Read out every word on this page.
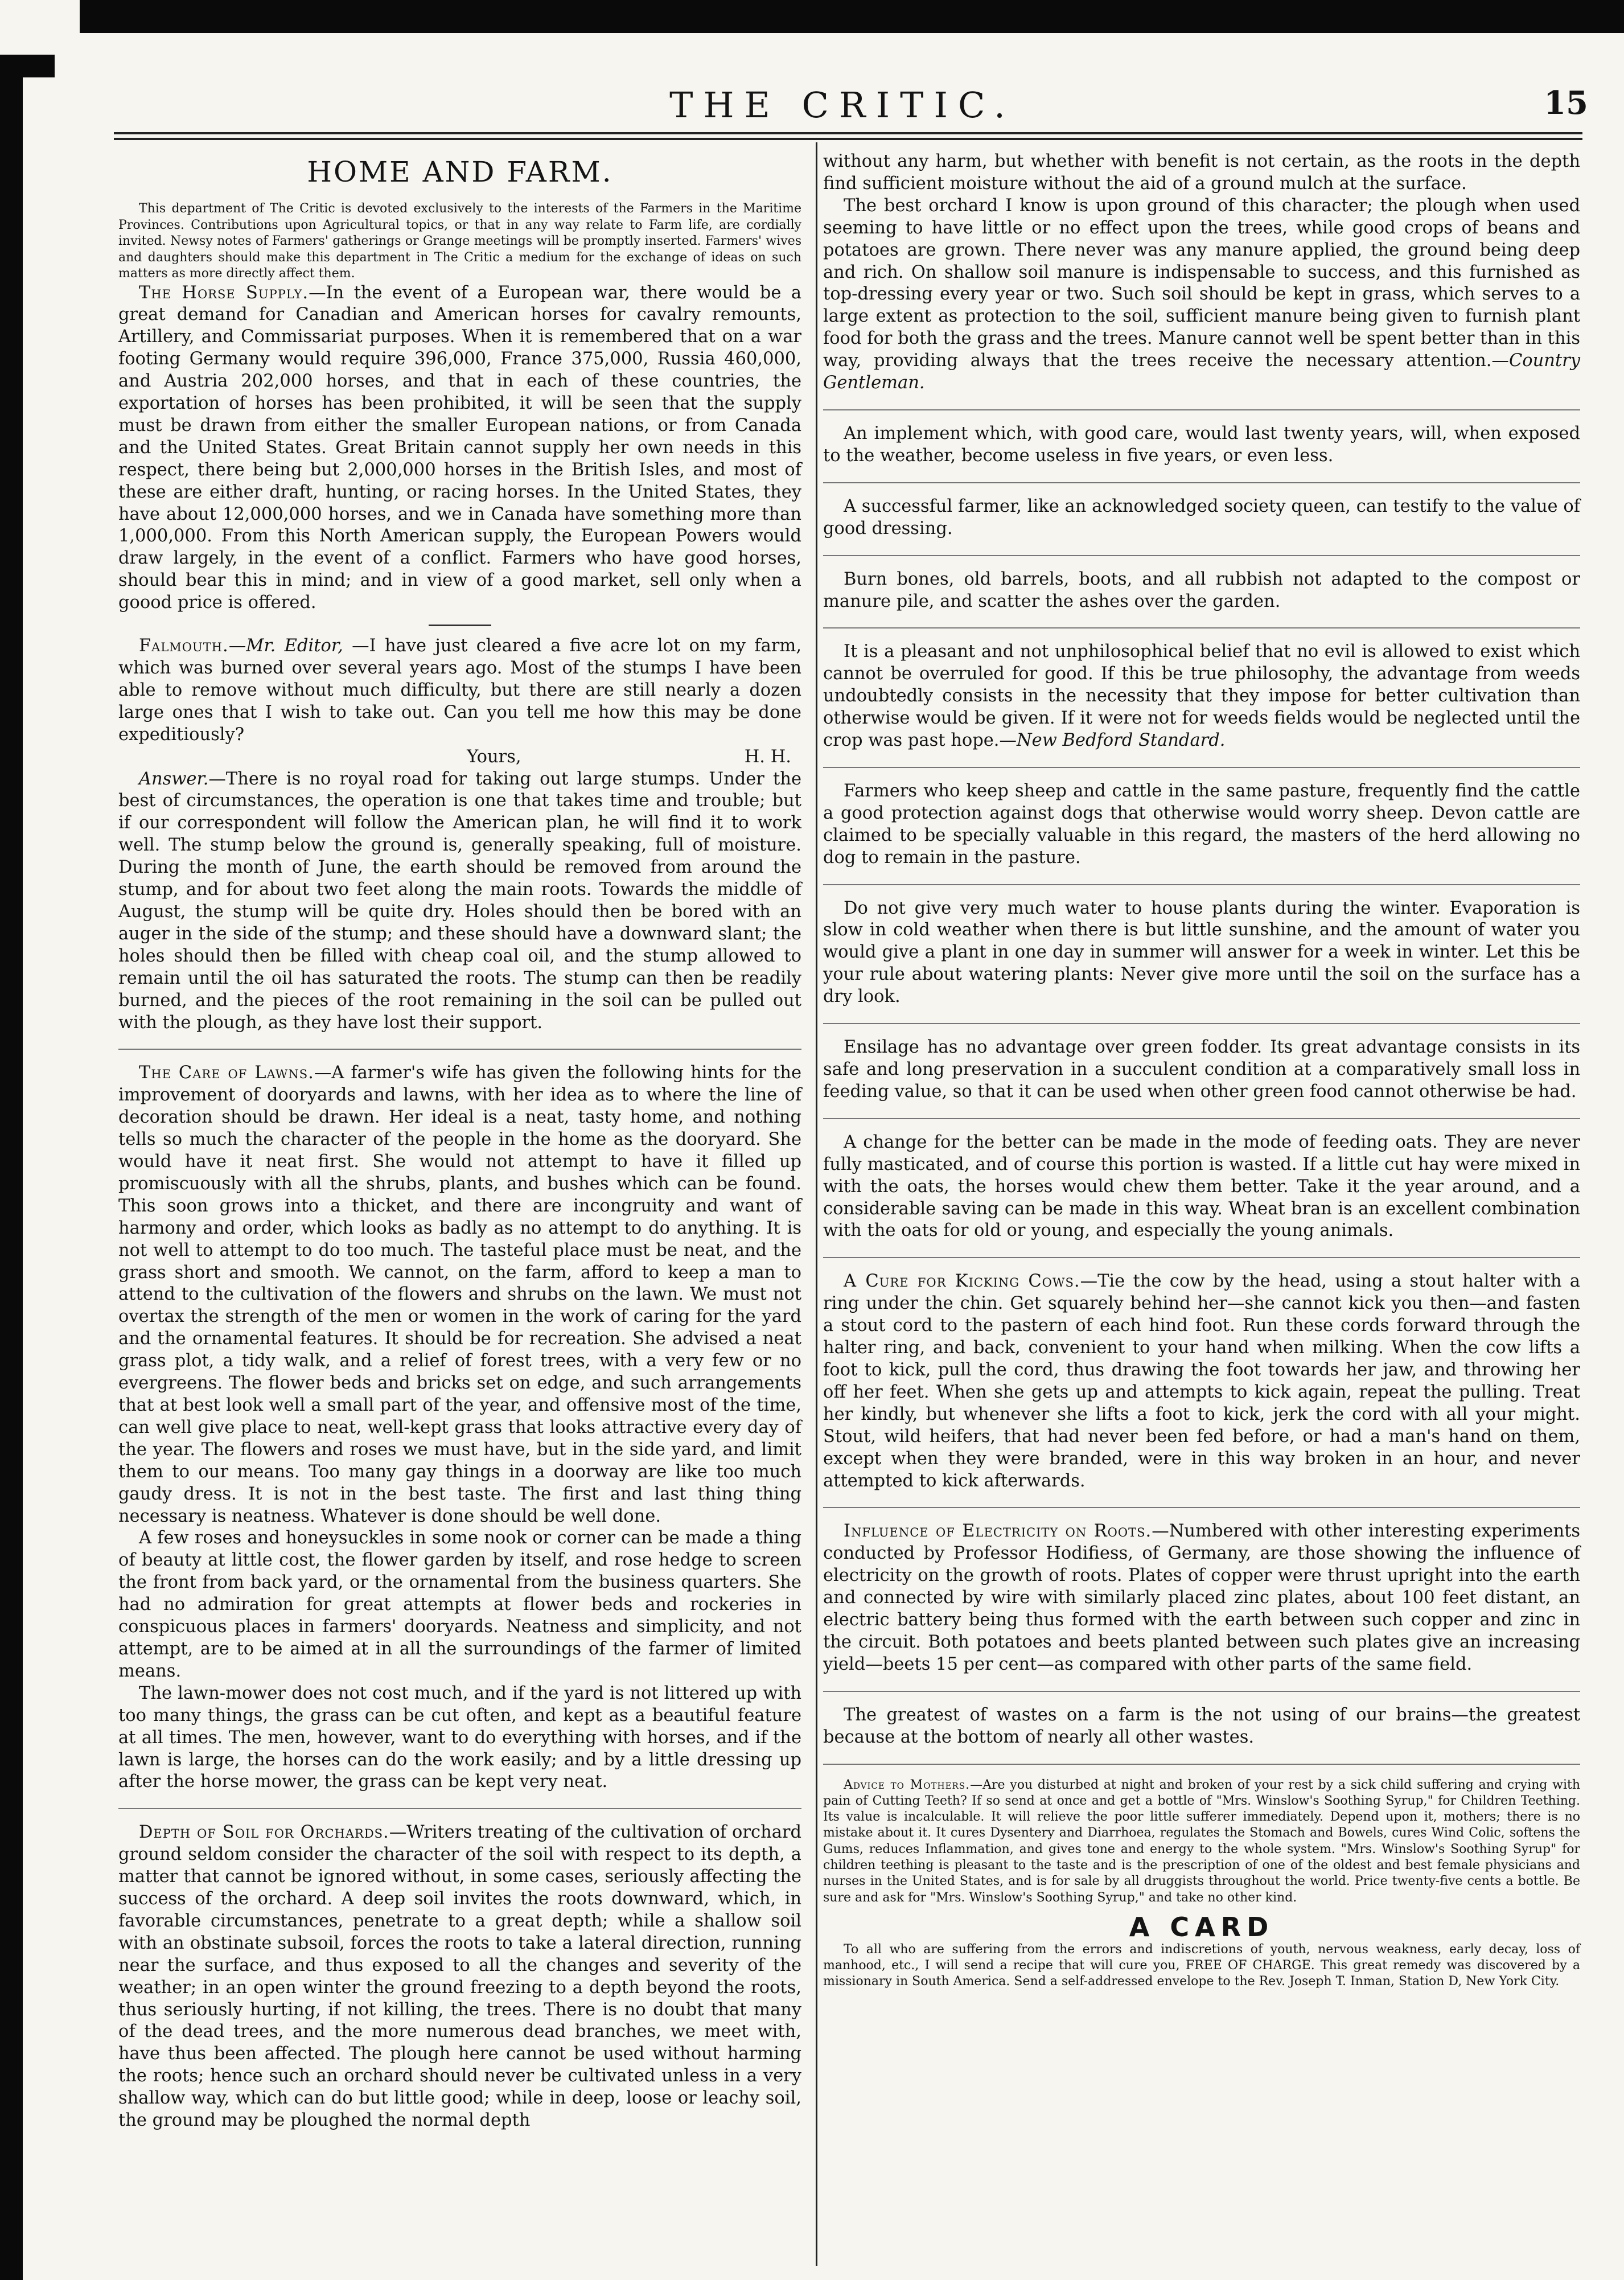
THE CRITIC.	15
HOME AND FARM.

This department of The Critic is devoted exclusively to the interests of the Farmers in the Maritime Provinces. Contributions upon Agricultural topics, or that in any way relate to Farm life, are cordially invited. Newsy notes of Farmers' gatherings or Grange meetings will be promptly inserted. Farmers' wives and daughters should make this department in The Critic a medium for the exchange of ideas on such matters as more directly affect them.

The Horse Supply.—In the event of a European war, there would be a great demand for Canadian and American horses for cavalry remounts, Artillery, and Commissariat purposes. When it is remembered that on a war footing Germany would require 396,000, France 375,000, Russia 460,000, and Austria 202,000 horses, and that in each of these countries, the exportation of horses has been prohibited, it will be seen that the supply must be drawn from either the smaller European nations, or from Canada and the United States. Great Britain cannot supply her own needs in this respect, there being but 2,000,000 horses in the British Isles, and most of these are either draft, hunting, or racing horses. In the United States, they have about 12,000,000 horses, and we in Canada have something more than 1,000,000. From this North American supply, the European Powers would draw largely, in the event of a conflict. Farmers who have good horses, should bear this in mind; and in view of a good market, sell only when a goood price is offered.

Falmouth.—Mr. Editor, —I have just cleared a five acre lot on my farm, which was burned over several years ago. Most of the stumps I have been able to remove without much difficulty, but there are still nearly a dozen large ones that I wish to take out. Can you tell me how this may be done expeditiously?

Yours,	H. H.

Answer.—There is no royal road for taking out large stumps. Under the best of circumstances, the operation is one that takes time and trouble; but if our correspondent will follow the American plan, he will find it to work well. The stump below the ground is, generally speaking, full of moisture. During the month of June, the earth should be removed from around the stump, and for about two feet along the main roots. Towards the middle of August, the stump will be quite dry. Holes should then be bored with an auger in the side of the stump; and these should have a downward slant; the holes should then be filled with cheap coal oil, and the stump allowed to remain until the oil has saturated the roots. The stump can then be readily burned, and the pieces of the root remaining in the soil can be pulled out with the plough, as they have lost their support.

The Care of Lawns.—A farmer's wife has given the following hints for the improvement of dooryards and lawns, with her idea as to where the line of decoration should be drawn. Her ideal is a neat, tasty home, and nothing tells so much the character of the people in the home as the dooryard. She would have it neat first. She would not attempt to have it filled up promiscuously with all the shrubs, plants, and bushes which can be found. This soon grows into a thicket, and there are incongruity and want of harmony and order, which looks as badly as no attempt to do anything. It is not well to attempt to do too much. The tasteful place must be neat, and the grass short and smooth. We cannot, on the farm, afford to keep a man to attend to the cultivation of the flowers and shrubs on the lawn. We must not overtax the strength of the men or women in the work of caring for the yard and the ornamental features. It should be for recreation. She advised a neat grass plot, a tidy walk, and a relief of forest trees, with a very few or no evergreens. The flower beds and bricks set on edge, and such arrangements that at best look well a small part of the year, and offensive most of the time, can well give place to neat, well-kept grass that looks attractive every day of the year. The flowers and roses we must have, but in the side yard, and limit them to our means. Too many gay things in a doorway are like too much gaudy dress. It is not in the best taste. The first and last thing thing necessary is neatness. Whatever is done should be well done.

A few roses and honeysuckles in some nook or corner can be made a thing of beauty at little cost, the flower garden by itself, and rose hedge to screen the front from back yard, or the ornamental from the business quarters. She had no admiration for great attempts at flower beds and rockeries in conspicuous places in farmers' dooryards. Neatness and simplicity, and not attempt, are to be aimed at in all the surroundings of the farmer of limited means.

The lawn-mower does not cost much, and if the yard is not littered up with too many things, the grass can be cut often, and kept as a beautiful feature at all times. The men, however, want to do everything with horses, and if the lawn is large, the horses can do the work easily; and by a little dressing up after the horse mower, the grass can be kept very neat.

Depth of Soil for Orchards.—Writers treating of the cultivation of orchard ground seldom consider the character of the soil with respect to its depth, a matter that cannot be ignored without, in some cases, seriously affecting the success of the orchard. A deep soil invites the roots downward, which, in favorable circumstances, penetrate to a great depth; while a shallow soil with an obstinate subsoil, forces the roots to take a lateral direction, running near the surface, and thus exposed to all the changes and severity of the weather; in an open winter the ground freezing to a depth beyond the roots, thus seriously hurting, if not killing, the trees. There is no doubt that many of the dead trees, and the more numerous dead branches, we meet with, have thus been affected. The plough here cannot be used without harming the roots; hence such an orchard should never be cultivated unless in a very shallow way, which can do but little good; while in deep, loose or leachy soil, the ground may be ploughed the normal depth

without any harm, but whether with benefit is not certain, as the roots in the depth find sufficient moisture without the aid of a ground mulch at the surface.

The best orchard I know is upon ground of this character; the plough when used seeming to have little or no effect upon the trees, while good crops of beans and potatoes are grown. There never was any manure applied, the ground being deep and rich. On shallow soil manure is indispensable to success, and this furnished as top-dressing every year or two. Such soil should be kept in grass, which serves to a large extent as protection to the soil, sufficient manure being given to furnish plant food for both the grass and the trees. Manure cannot well be spent better than in this way, providing always that the trees receive the necessary attention.—Country Gentleman.

An implement which, with good care, would last twenty years, will, when exposed to the weather, become useless in five years, or even less.

A successful farmer, like an acknowledged society queen, can testify to the value of good dressing.

Burn bones, old barrels, boots, and all rubbish not adapted to the compost or manure pile, and scatter the ashes over the garden.

It is a pleasant and not unphilosophical belief that no evil is allowed to exist which cannot be overruled for good. If this be true philosophy, the advantage from weeds undoubtedly consists in the necessity that they impose for better cultivation than otherwise would be given. If it were not for weeds fields would be neglected until the crop was past hope.—New Bedford Standard.

Farmers who keep sheep and cattle in the same pasture, frequently find the cattle a good protection against dogs that otherwise would worry sheep. Devon cattle are claimed to be specially valuable in this regard, the masters of the herd allowing no dog to remain in the pasture.

Do not give very much water to house plants during the winter. Evaporation is slow in cold weather when there is but little sunshine, and the amount of water you would give a plant in one day in summer will answer for a week in winter. Let this be your rule about watering plants: Never give more until the soil on the surface has a dry look.

Ensilage has no advantage over green fodder. Its great advantage consists in its safe and long preservation in a succulent condition at a comparatively small loss in feeding value, so that it can be used when other green food cannot otherwise be had.

A change for the better can be made in the mode of feeding oats. They are never fully masticated, and of course this portion is wasted. If a little cut hay were mixed in with the oats, the horses would chew them better. Take it the year around, and a considerable saving can be made in this way. Wheat bran is an excellent combination with the oats for old or young, and especially the young animals.

A Cure for Kicking Cows.—Tie the cow by the head, using a stout halter with a ring under the chin. Get squarely behind her—she cannot kick you then—and fasten a stout cord to the pastern of each hind foot. Run these cords forward through the halter ring, and back, convenient to your hand when milking. When the cow lifts a foot to kick, pull the cord, thus drawing the foot towards her jaw, and throwing her off her feet. When she gets up and attempts to kick again, repeat the pulling. Treat her kindly, but whenever she lifts a foot to kick, jerk the cord with all your might. Stout, wild heifers, that had never been fed before, or had a man's hand on them, except when they were branded, were in this way broken in an hour, and never attempted to kick afterwards.

Influence of Electricity on Roots.—Numbered with other interesting experiments conducted by Professor Hodifiess, of Germany, are those showing the influence of electricity on the growth of roots. Plates of copper were thrust upright into the earth and connected by wire with similarly placed zinc plates, about 100 feet distant, an electric battery being thus formed with the earth between such copper and zinc in the circuit. Both potatoes and beets planted between such plates give an increasing yield—beets 15 per cent—as compared with other parts of the same field.

The greatest of wastes on a farm is the not using of our brains—the greatest because at the bottom of nearly all other wastes.

Advice to Mothers.—Are you disturbed at night and broken of your rest by a sick child suffering and crying with pain of Cutting Teeth? If so send at once and get a bottle of "Mrs. Winslow's Soothing Syrup," for Children Teething. Its value is incalculable. It will relieve the poor little sufferer immediately. Depend upon it, mothers; there is no mistake about it. It cures Dysentery and Diarrhoea, regulates the Stomach and Bowels, cures Wind Colic, softens the Gums, reduces Inflammation, and gives tone and energy to the whole system. "Mrs. Winslow's Soothing Syrup" for children teething is pleasant to the taste and is the prescription of one of the oldest and best female physicians and nurses in the United States, and is for sale by all druggists throughout the world. Price twenty-five cents a bottle. Be sure and ask for "Mrs. Winslow's Soothing Syrup," and take no other kind.

A CARD

To all who are suffering from the errors and indiscretions of youth, nervous weakness, early decay, loss of manhood, etc., I will send a recipe that will cure you, FREE OF CHARGE. This great remedy was discovered by a missionary in South America. Send a self-addressed envelope to the Rev. Joseph T. Inman, Station D, New York City.
